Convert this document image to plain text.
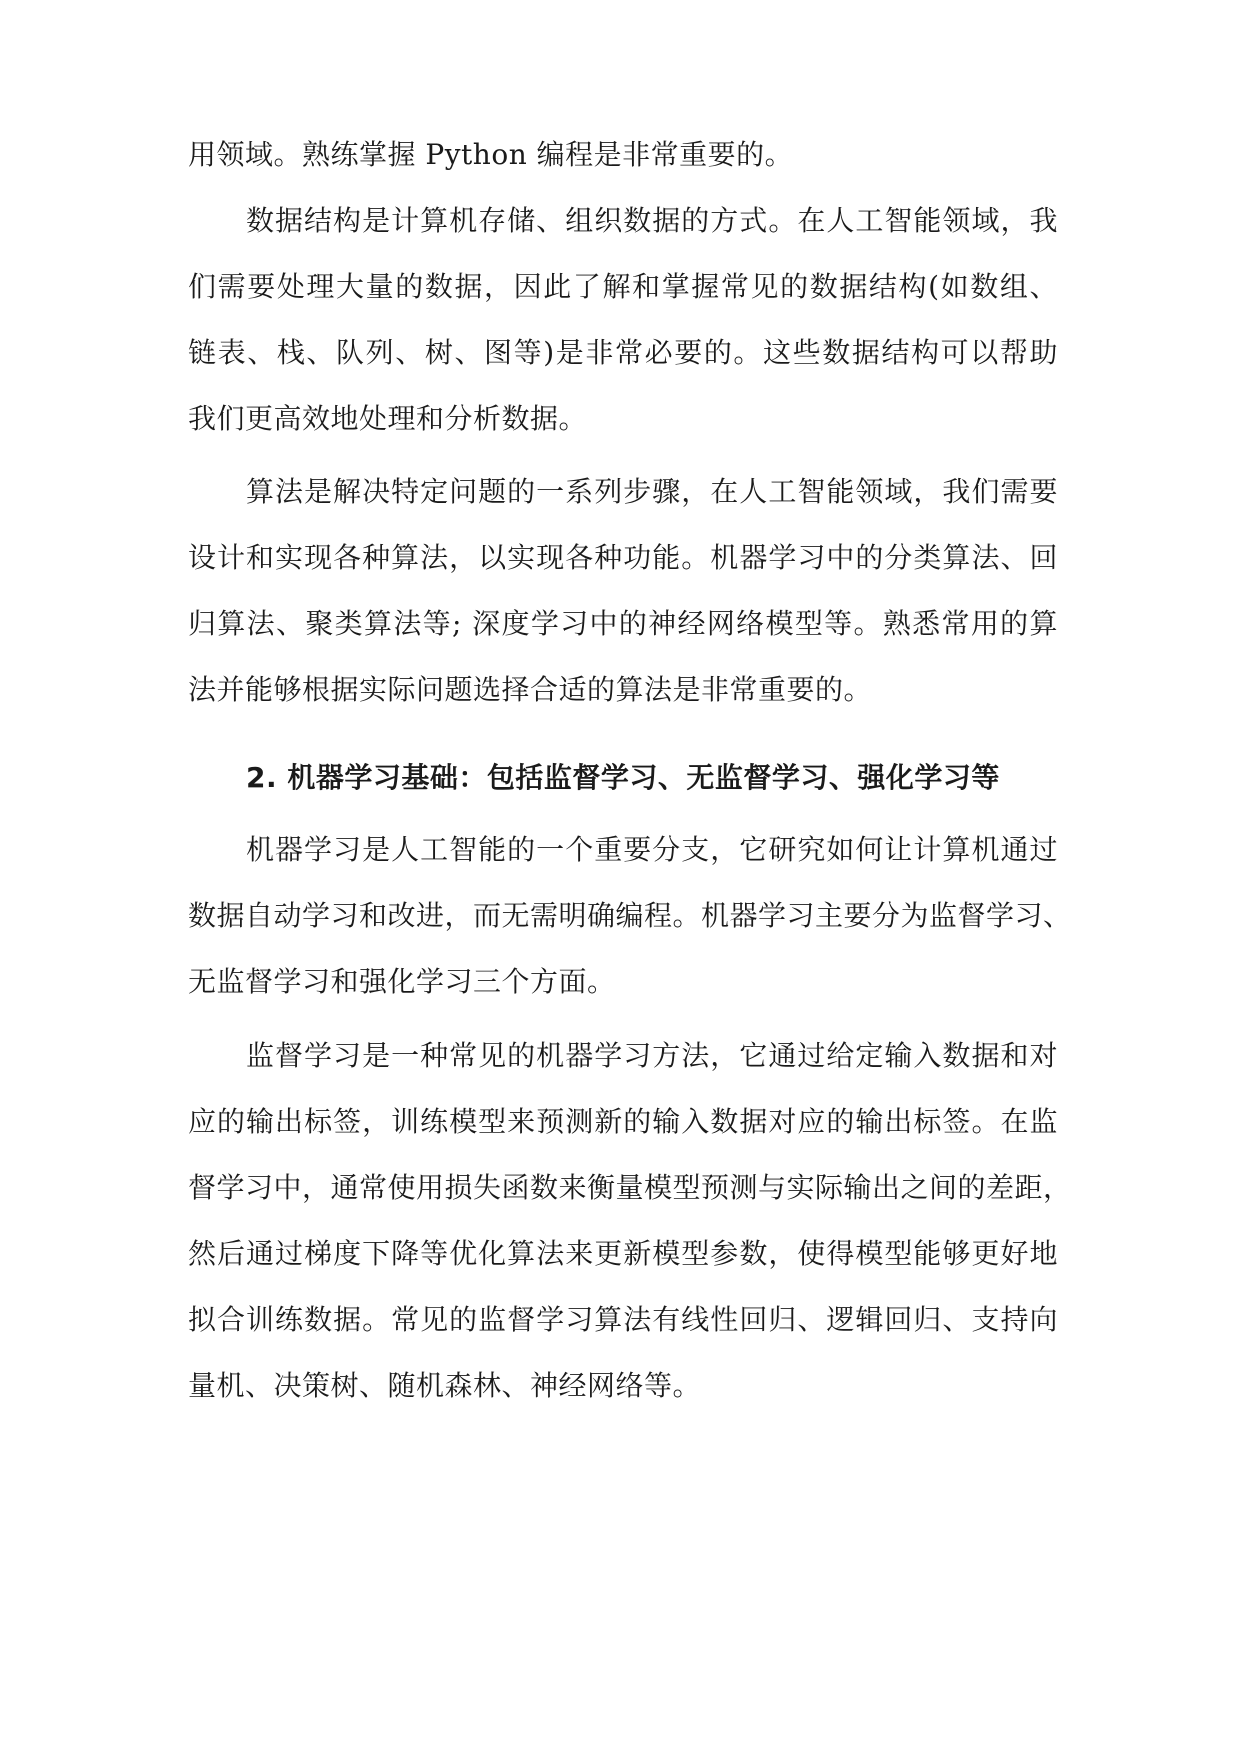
用领域。熟练掌握 Python 编程是非常重要的。
数据结构是计算机存储、组织数据的方式。在人工智能领域，我
们需要处理大量的数据，因此了解和掌握常见的数据结构(如数组、
链表、栈、队列、树、图等)是非常必要的。这些数据结构可以帮助
我们更高效地处理和分析数据。
算法是解决特定问题的一系列步骤，在人工智能领域，我们需要
设计和实现各种算法，以实现各种功能。机器学习中的分类算法、回
归算法、聚类算法等; 深度学习中的神经网络模型等。熟悉常用的算
法并能够根据实际问题选择合适的算法是非常重要的。
2. 机器学习基础：包括监督学习、无监督学习、强化学习等
机器学习是人工智能的一个重要分支，它研究如何让计算机通过
数据自动学习和改进，而无需明确编程。机器学习主要分为监督学习、
无监督学习和强化学习三个方面。
监督学习是一种常见的机器学习方法，它通过给定输入数据和对
应的输出标签，训练模型来预测新的输入数据对应的输出标签。在监
督学习中，通常使用损失函数来衡量模型预测与实际输出之间的差距，
然后通过梯度下降等优化算法来更新模型参数，使得模型能够更好地
拟合训练数据。常见的监督学习算法有线性回归、逻辑回归、支持向
量机、决策树、随机森林、神经网络等。
